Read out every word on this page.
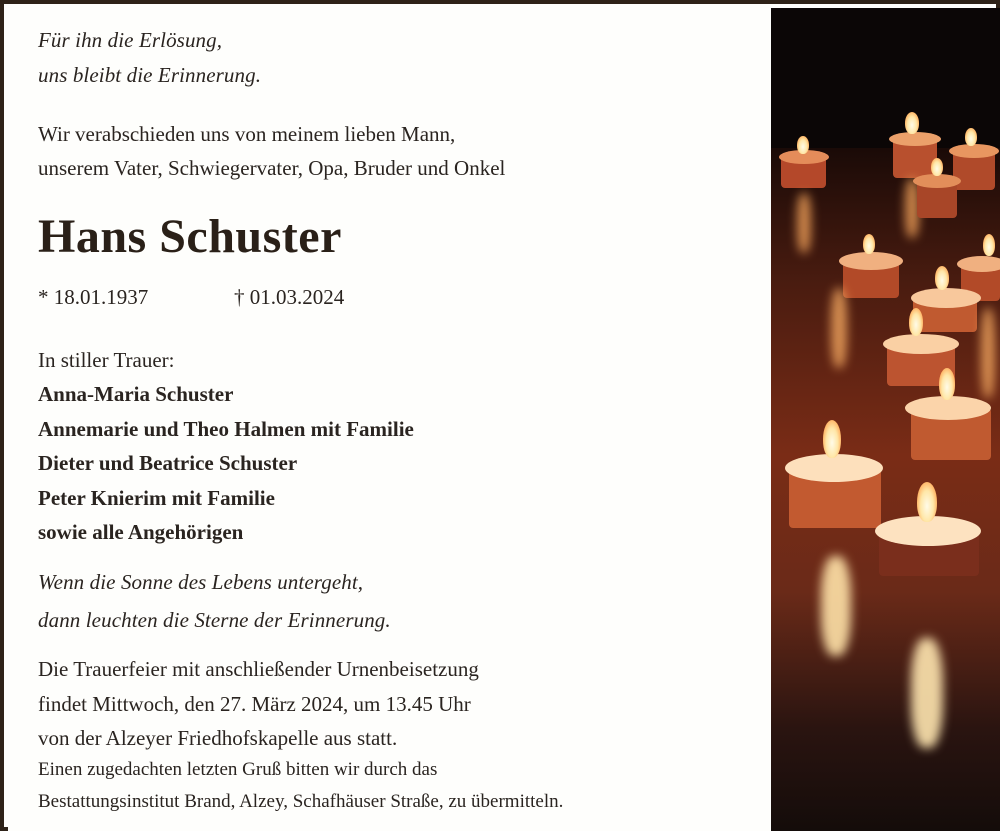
Für ihn die Erlösung,
uns bleibt die Erinnerung.
Wir verabschieden uns von meinem lieben Mann,
unserem Vater, Schwiegervater, Opa, Bruder und Onkel
Hans Schuster
* 18.01.1937	† 01.03.2024
In stiller Trauer:
Anna-Maria Schuster
Annemarie und Theo Halmen mit Familie
Dieter und Beatrice Schuster
Peter Knierim mit Familie
sowie alle Angehörigen
Wenn die Sonne des Lebens untergeht,
dann leuchten die Sterne der Erinnerung.
Die Trauerfeier mit anschließender Urnenbeisetzung
findet Mittwoch, den 27. März 2024, um 13.45 Uhr
von der Alzeyer Friedhofskapelle aus statt.
Einen zugedachten letzten Gruß bitten wir durch das
Bestattungsinstitut Brand, Alzey, Schafhäuser Straße, zu übermitteln.
